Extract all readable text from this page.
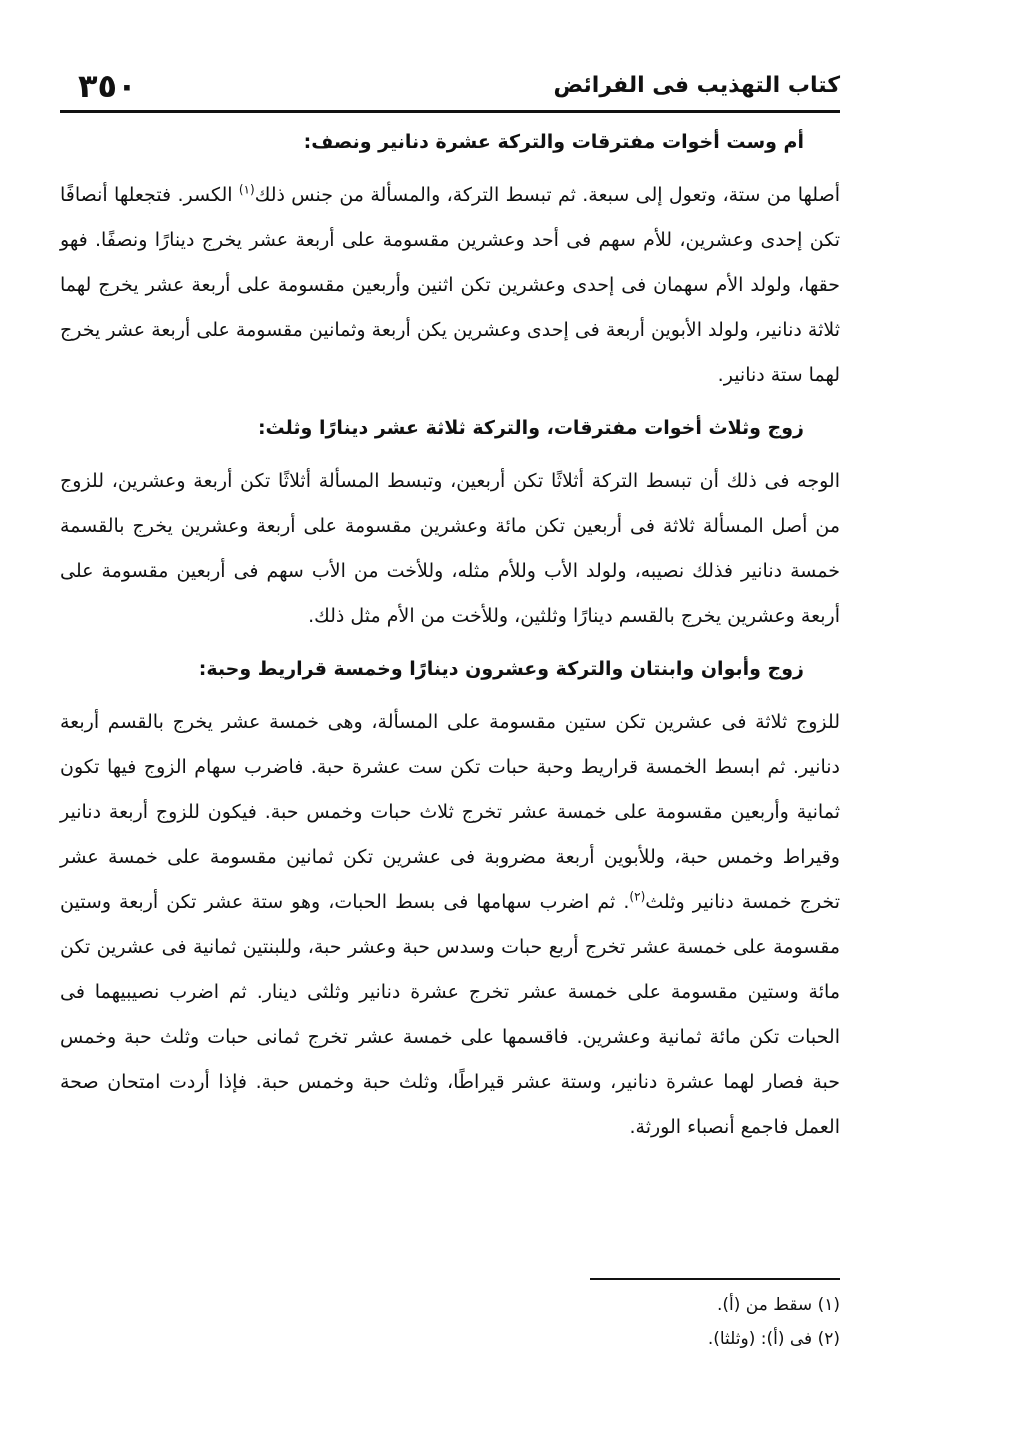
٣٥٠	كتاب التهذيب فى الفرائض

أم وست أخوات مفترقات والتركة عشرة دنانير ونصف:

أصلها من ستة، وتعول إلى سبعة. ثم تبسط التركة، والمسألة من جنس ذلك$^{(١)}$ الكسر. فتجعلها أنصافًا تكن إحدى وعشرين، للأم سهم فى أحد وعشرين مقسومة على أربعة عشر يخرج دينارًا ونصفًا. فهو حقها، ولولد الأم سهمان فى إحدى وعشرين تكن اثنين وأربعين مقسومة على أربعة عشر يخرج لهما ثلاثة دنانير، ولولد الأبوين أربعة فى إحدى وعشرين يكن أربعة وثمانين مقسومة على أربعة عشر يخرج لهما ستة دنانير.

زوج وثلاث أخوات مفترقات، والتركة ثلاثة عشر دينارًا وثلث:

الوجه فى ذلك أن تبسط التركة أثلاثًا تكن أربعين، وتبسط المسألة أثلاثًا تكن أربعة وعشرين، للزوج من أصل المسألة ثلاثة فى أربعين تكن مائة وعشرين مقسومة على أربعة وعشرين يخرج بالقسمة خمسة دنانير فذلك نصيبه، ولولد الأب وللأم مثله، وللأخت من الأب سهم فى أربعين مقسومة على أربعة وعشرين يخرج بالقسم دينارًا وثلثين، وللأخت من الأم مثل ذلك.

زوج وأبوان وابنتان والتركة وعشرون دينارًا وخمسة قراريط وحبة:

للزوج ثلاثة فى عشرين تكن ستين مقسومة على المسألة، وهى خمسة عشر يخرج بالقسم أربعة دنانير. ثم ابسط الخمسة قراريط وحبة حبات تكن ست عشرة حبة. فاضرب سهام الزوج فيها تكون ثمانية وأربعين مقسومة على خمسة عشر تخرج ثلاث حبات وخمس حبة. فيكون للزوج أربعة دنانير وقيراط وخمس حبة، وللأبوين أربعة مضروبة فى عشرين تكن ثمانين مقسومة على خمسة عشر تخرج خمسة دنانير وثلث$^{(٢)}$. ثم اضرب سهامها فى بسط الحبات، وهو ستة عشر تكن أربعة وستين مقسومة على خمسة عشر تخرج أربع حبات وسدس حبة وعشر حبة، وللبنتين ثمانية فى عشرين تكن مائة وستين مقسومة على خمسة عشر تخرج عشرة دنانير وثلثى دينار. ثم اضرب نصيبيهما فى الحبات تكن مائة ثمانية وعشرين. فاقسمها على خمسة عشر تخرج ثمانى حبات وثلث حبة وخمس حبة فصار لهما عشرة دنانير، وستة عشر قيراطًا، وثلث حبة وخمس حبة. فإذا أردت امتحان صحة العمل فاجمع أنصباء الورثة.

(١) سقط من (أ).

(٢) فى (أ): (وثلثا).
